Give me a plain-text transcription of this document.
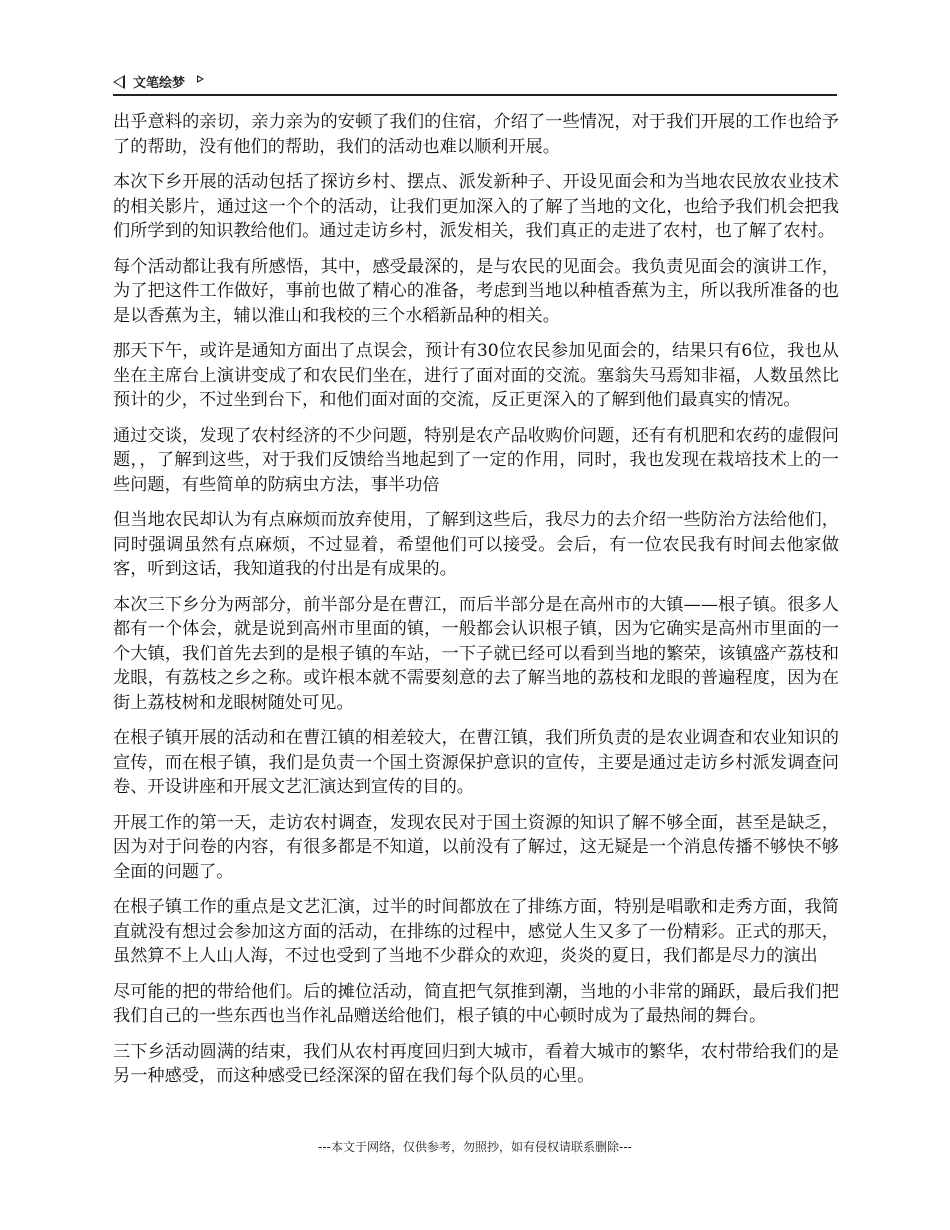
文笔绘梦

出乎意料的亲切，亲力亲为的安顿了我们的住宿，介绍了一些情况，对于我们开展的工作也给予了的帮助，没有他们的帮助，我们的活动也难以顺利开展。

本次下乡开展的活动包括了探访乡村、摆点、派发新种子、开设见面会和为当地农民放农业技术的相关影片，通过这一个个的活动，让我们更加深入的了解了当地的文化，也给予我们机会把我们所学到的知识教给他们。通过走访乡村，派发相关，我们真正的走进了农村，也了解了农村。

每个活动都让我有所感悟，其中，感受最深的，是与农民的见面会。我负责见面会的演讲工作，为了把这件工作做好，事前也做了精心的准备，考虑到当地以种植香蕉为主，所以我所准备的也是以香蕉为主，辅以淮山和我校的三个水稻新品种的相关。

那天下午，或许是通知方面出了点误会，预计有30位农民参加见面会的，结果只有6位，我也从坐在主席台上演讲变成了和农民们坐在，进行了面对面的交流。塞翁失马焉知非福，人数虽然比预计的少，不过坐到台下，和他们面对面的交流，反正更深入的了解到他们最真实的情况。

通过交谈，发现了农村经济的不少问题，特别是农产品收购价问题，还有有机肥和农药的虚假问题，，了解到这些，对于我们反馈给当地起到了一定的作用，同时，我也发现在栽培技术上的一些问题，有些简单的防病虫方法，事半功倍

但当地农民却认为有点麻烦而放弃使用，了解到这些后，我尽力的去介绍一些防治方法给他们，同时强调虽然有点麻烦，不过显着，希望他们可以接受。会后，有一位农民我有时间去他家做客，听到这话，我知道我的付出是有成果的。

本次三下乡分为两部分，前半部分是在曹江，而后半部分是在高州市的大镇——根子镇。很多人都有一个体会，就是说到高州市里面的镇，一般都会认识根子镇，因为它确实是高州市里面的一个大镇，我们首先去到的是根子镇的车站，一下子就已经可以看到当地的繁荣，该镇盛产荔枝和龙眼，有荔枝之乡之称。或许根本就不需要刻意的去了解当地的荔枝和龙眼的普遍程度，因为在街上荔枝树和龙眼树随处可见。

在根子镇开展的活动和在曹江镇的相差较大，在曹江镇，我们所负责的是农业调查和农业知识的宣传，而在根子镇，我们是负责一个国土资源保护意识的宣传，主要是通过走访乡村派发调查问卷、开设讲座和开展文艺汇演达到宣传的目的。

开展工作的第一天，走访农村调查，发现农民对于国土资源的知识了解不够全面，甚至是缺乏，因为对于问卷的内容，有很多都是不知道，以前没有了解过，这无疑是一个消息传播不够快不够全面的问题了。

在根子镇工作的重点是文艺汇演，过半的时间都放在了排练方面，特别是唱歌和走秀方面，我简直就没有想过会参加这方面的活动，在排练的过程中，感觉人生又多了一份精彩。正式的那天，虽然算不上人山人海，不过也受到了当地不少群众的欢迎，炎炎的夏日，我们都是尽力的演出

尽可能的把的带给他们。后的摊位活动，简直把气氛推到潮，当地的小非常的踊跃，最后我们把我们自己的一些东西也当作礼品赠送给他们，根子镇的中心顿时成为了最热闹的舞台。

三下乡活动圆满的结束，我们从农村再度回归到大城市，看着大城市的繁华，农村带给我们的是另一种感受，而这种感受已经深深的留在我们每个队员的心里。

---本文于网络，仅供参考，勿照抄，如有侵权请联系删除---
